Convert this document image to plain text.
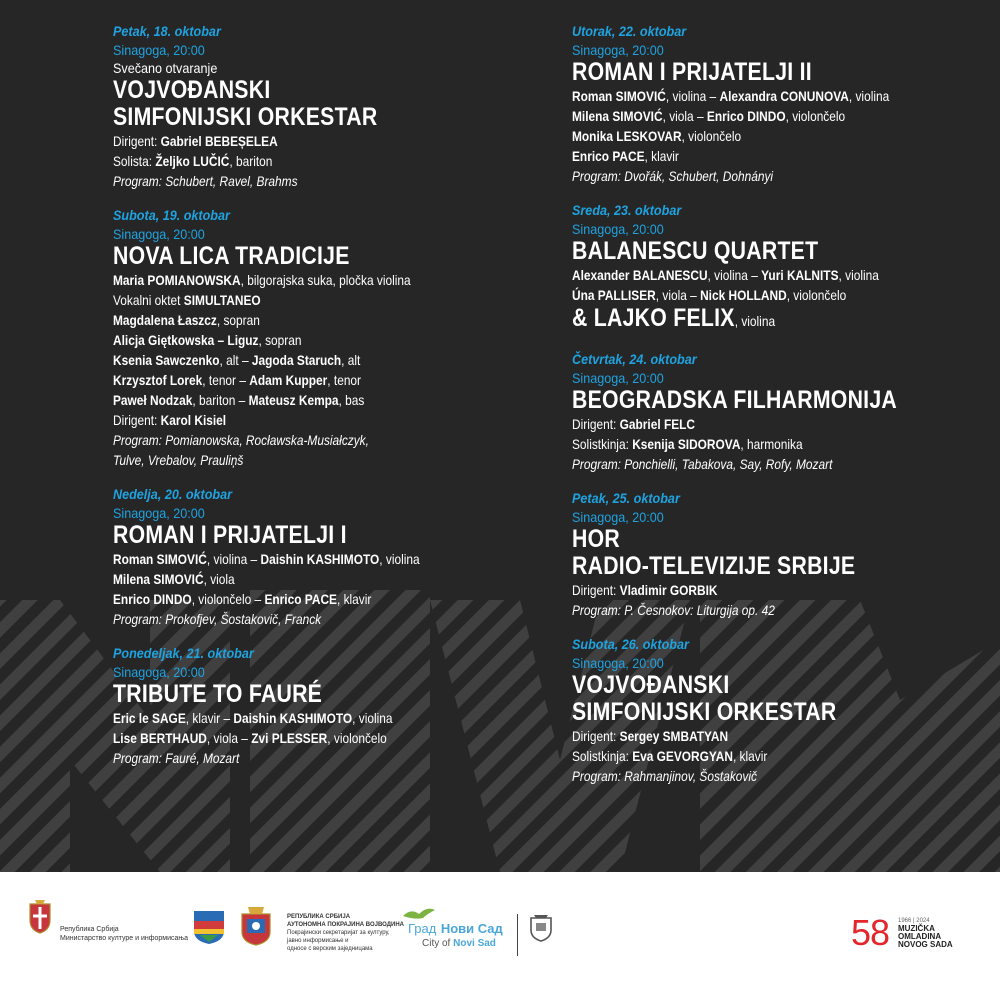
Petak, 18. oktobar
Sinagoga, 20:00
Svečano otvaranje
VOJVOĐANSKI
SIMFONIJSKI ORKESTAR
Dirigent: Gabriel BEBEȘELEA
Solista: Željko LUČIĆ, bariton
Program: Schubert, Ravel, Brahms
Subota, 19. oktobar
Sinagoga, 20:00
NOVA LICA TRADICIJE
Maria POMIANOWSKA, bilgorajska suka, pločka violina
Vokalni oktet SIMULTANEO
Magdalena Łaszcz, sopran
Alicja Giętkowska – Liguz, sopran
Ksenia Sawczenko, alt – Jagoda Staruch, alt
Krzysztof Lorek, tenor – Adam Kupper, tenor
Paweł Nodzak, bariton – Mateusz Kempa, bas
Dirigent: Karol Kisiel
Program: Pomianowska, Rocławska-Musiałczyk,
Tulve, Vrebalov, Prauliņš
Nedelja, 20. oktobar
Sinagoga, 20:00
ROMAN I PRIJATELJI I
Roman SIMOVIĆ, violina – Daishin KASHIMOTO, violina
Milena SIMOVIĆ, viola
Enrico DINDO, violončelo – Enrico PACE, klavir
Program: Prokofjev, Šostakovič, Franck
Ponedeljak, 21. oktobar
Sinagoga, 20:00
TRIBUTE TO FAURÉ
Eric le SAGE, klavir – Daishin KASHIMOTO, violina
Lise BERTHAUD, viola – Zvi PLESSER, violončelo
Program: Fauré, Mozart
Utorak, 22. oktobar
Sinagoga, 20:00
ROMAN I PRIJATELJI II
Roman SIMOVIĆ, violina – Alexandra CONUNOVA, violina
Milena SIMOVIĆ, viola – Enrico DINDO, violončelo
Monika LESKOVAR, violončelo
Enrico PACE, klavir
Program: Dvořák, Schubert, Dohnányi
Sreda, 23. oktobar
Sinagoga, 20:00
BALANESCU QUARTET
Alexander BALANESCU, violina – Yuri KALNITS, violina
Úna PALLISER, viola – Nick HOLLAND, violončelo
& LAJKO FELIX, violina
Četvrtak, 24. oktobar
Sinagoga, 20:00
BEOGRADSKA FILHARMONIJA
Dirigent: Gabriel FELC
Solistkinja: Ksenija SIDOROVA, harmonika
Program: Ponchielli, Tabakova, Say, Rofy, Mozart
Petak, 25. oktobar
Sinagoga, 20:00
HOR
RADIO-TELEVIZIJE SRBIJE
Dirigent: Vladimir GORBIK
Program: P. Česnokov: Liturgija op. 42
Subota, 26. oktobar
Sinagoga, 20:00
VOJVOĐANSKI
SIMFONIJSKI ORKESTAR
Dirigent: Sergey SMBATYAN
Solistkinja: Eva GEVORGYAN, klavir
Program: Rahmanjinov, Šostakovič
Република Србија
Министарство културе и информисања
РЕПУБЛИКА СРБИЈА
АУТОНОМНА ПОКРАЈИНА ВОЈВОДИНА
Покрајински секретаријат за културу,
јавно информисање и
односе с верским заједницама
Град Нови Сад
City of Novi Sad	58 1966 | 2024
MUZIČKA
OMLADINA
NOVOG SADA
